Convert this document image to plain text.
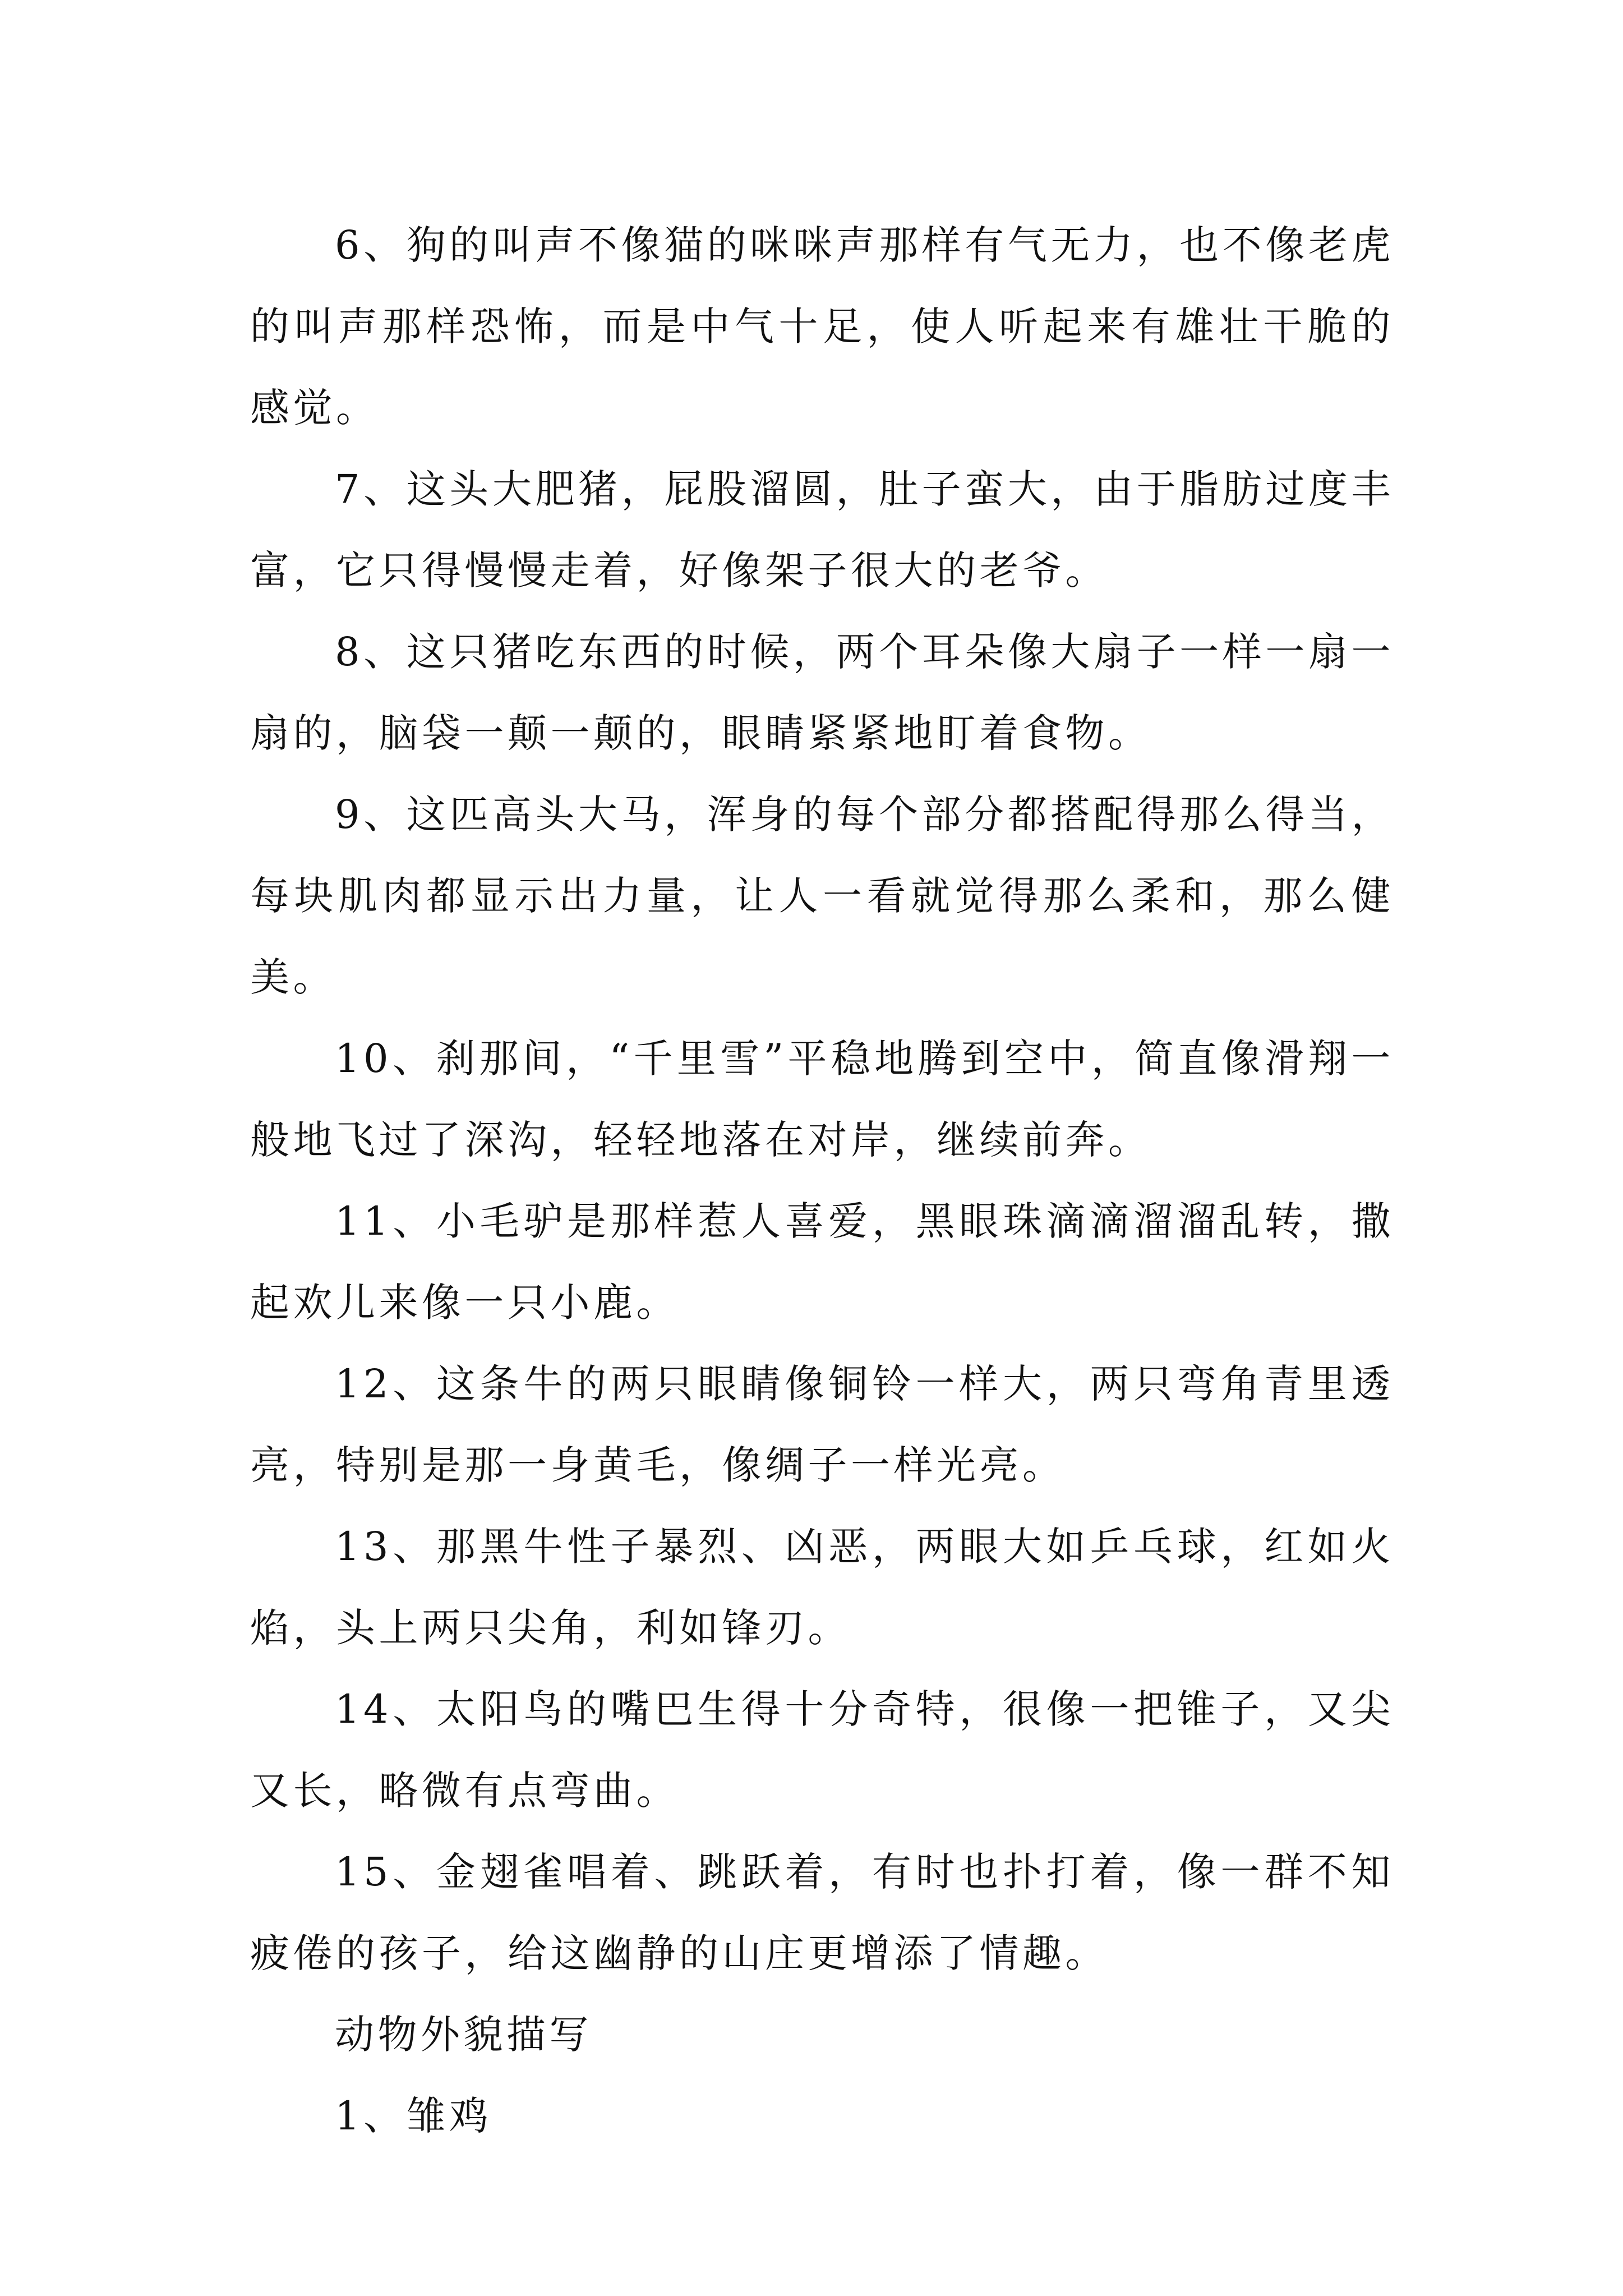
6、狗的叫声不像猫的咪咪声那样有气无力，也不像老虎的叫声那样恐怖，而是中气十足，使人听起来有雄壮干脆的感觉。

7、这头大肥猪，屁股溜圆，肚子蛮大，由于脂肪过度丰富，它只得慢慢走着，好像架子很大的老爷。

8、这只猪吃东西的时候，两个耳朵像大扇子一样一扇一扇的，脑袋一颠一颠的，眼睛紧紧地盯着食物。

9、这匹高头大马，浑身的每个部分都搭配得那么得当，每块肌肉都显示出力量，让人一看就觉得那么柔和，那么健美。

10、刹那间，“千里雪”平稳地腾到空中，简直像滑翔一般地飞过了深沟，轻轻地落在对岸，继续前奔。

11、小毛驴是那样惹人喜爱，黑眼珠滴滴溜溜乱转，撒起欢儿来像一只小鹿。

12、这条牛的两只眼睛像铜铃一样大，两只弯角青里透亮，特别是那一身黄毛，像绸子一样光亮。

13、那黑牛性子暴烈、凶恶，两眼大如乒乓球，红如火焰，头上两只尖角，利如锋刃。

14、太阳鸟的嘴巴生得十分奇特，很像一把锥子，又尖又长，略微有点弯曲。

15、金翅雀唱着、跳跃着，有时也扑打着，像一群不知疲倦的孩子，给这幽静的山庄更增添了情趣。

动物外貌描写

1、雏鸡
